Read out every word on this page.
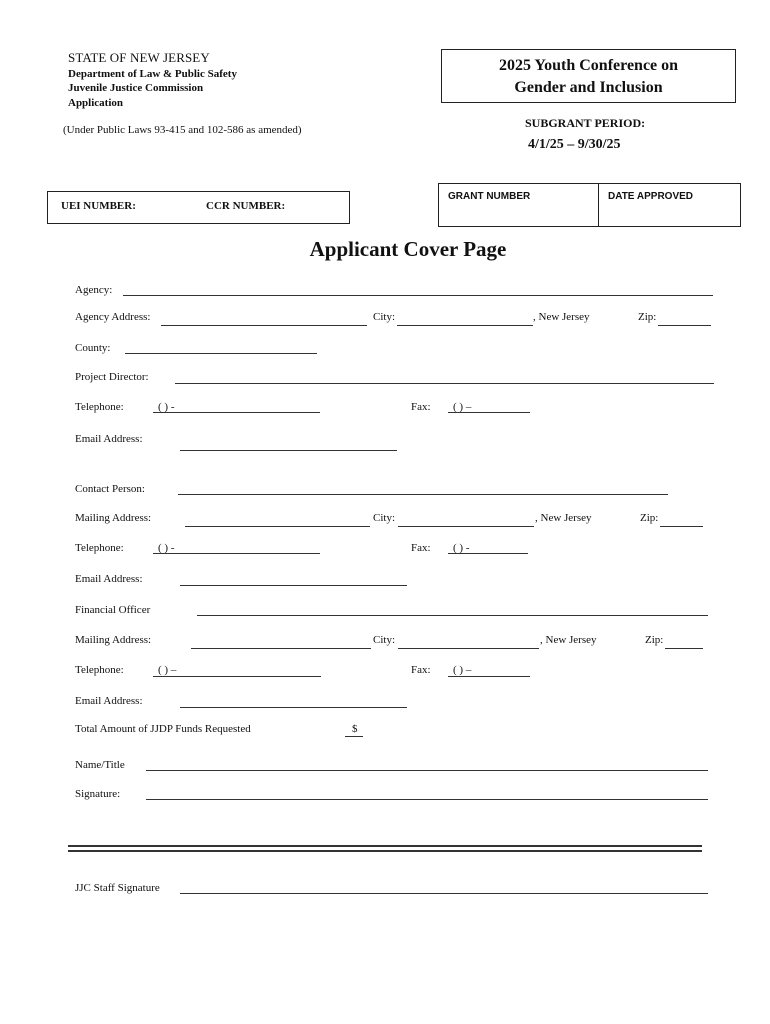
STATE OF NEW JERSEY
Department of Law & Public Safety
Juvenile Justice Commission
Application
(Under Public Laws 93-415 and 102-586 as amended)
2025 Youth Conference on
Gender and Inclusion
SUBGRANT PERIOD:
4/1/25 – 9/30/25
UEI NUMBER:	CCR NUMBER:
GRANT NUMBER	DATE APPROVED
Applicant Cover Page
Agency:
Agency Address:	City:	, New Jersey	Zip:
County:
Project Director:
Telephone:	( ) -	Fax: ( ) –
Email Address:
Contact Person:
Mailing Address:	City:	, New Jersey	Zip:
Telephone:	( ) -	Fax: ( ) -
Email Address:
Financial Officer
Mailing Address:	City:	, New Jersey	Zip:
Telephone:	( ) –	Fax: ( ) –
Email Address:
Total Amount of JJDP Funds Requested	$
Name/Title
Signature:
JJC Staff Signature
